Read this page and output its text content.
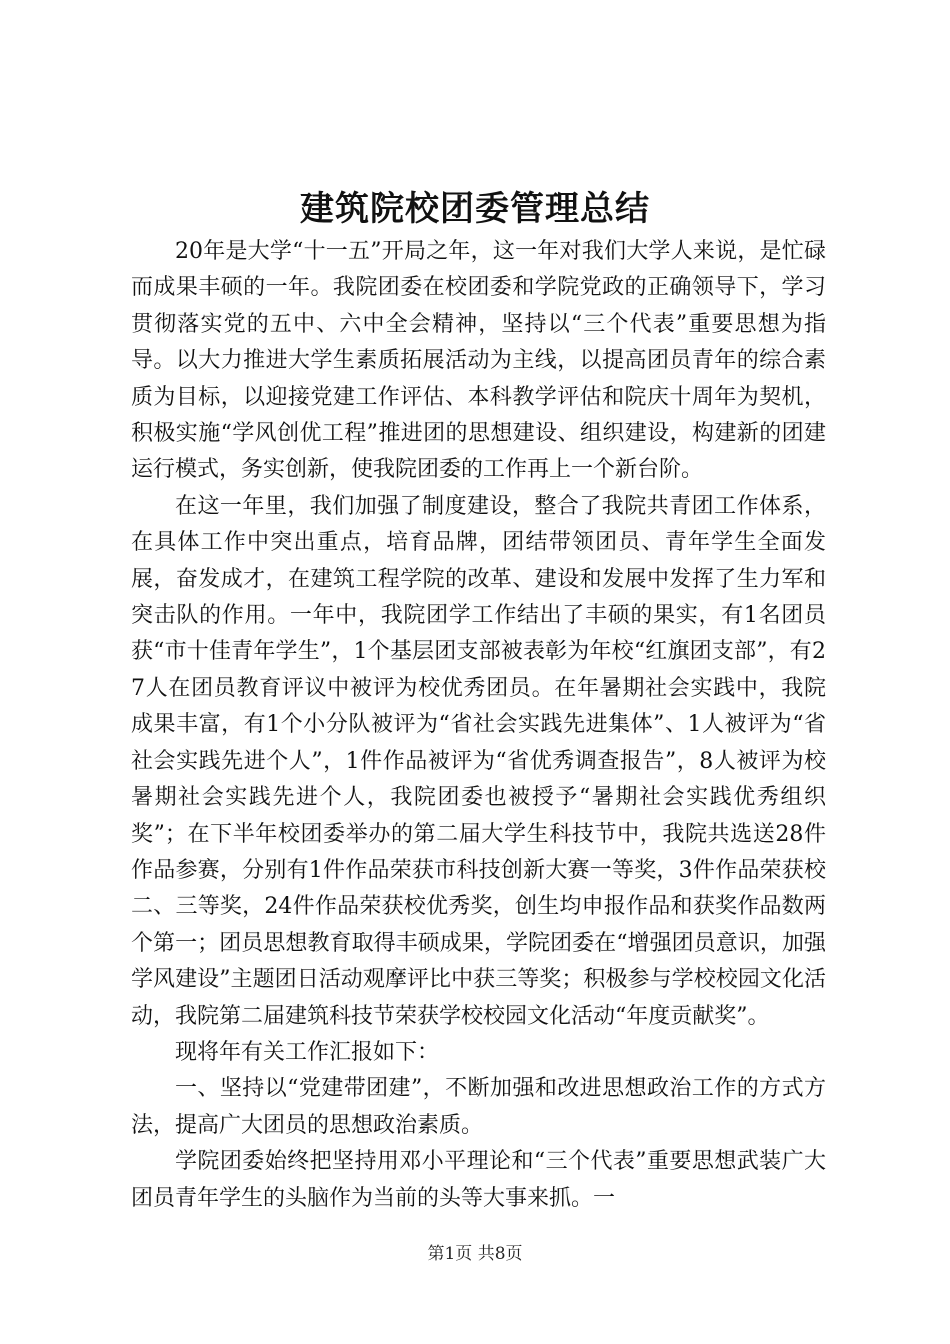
建筑院校团委管理总结

20年是大学“十一五”开局之年，这一年对我们大学人来说，是忙碌而成果丰硕的一年。我院团委在校团委和学院党政的正确领导下，学习贯彻落实党的五中、六中全会精神，坚持以“三个代表”重要思想为指导。以大力推进大学生素质拓展活动为主线，以提高团员青年的综合素质为目标，以迎接党建工作评估、本科教学评估和院庆十周年为契机，积极实施“学风创优工程”推进团的思想建设、组织建设，构建新的团建运行模式，务实创新，使我院团委的工作再上一个新台阶。

在这一年里，我们加强了制度建设，整合了我院共青团工作体系，在具体工作中突出重点，培育品牌，团结带领团员、青年学生全面发展，奋发成才，在建筑工程学院的改革、建设和发展中发挥了生力军和突击队的作用。一年中，我院团学工作结出了丰硕的果实，有1名团员获“市十佳青年学生”，1个基层团支部被表彰为年校“红旗团支部”，有27人在团员教育评议中被评为校优秀团员。在年暑期社会实践中，我院成果丰富，有1个小分队被评为“省社会实践先进集体”、1人被评为“省社会实践先进个人”，1件作品被评为“省优秀调查报告”，8人被评为校暑期社会实践先进个人，我院团委也被授予“暑期社会实践优秀组织奖”；在下半年校团委举办的第二届大学生科技节中，我院共选送28件作品参赛，分别有1件作品荣获市科技创新大赛一等奖，3件作品荣获校二、三等奖，24件作品荣获校优秀奖，创生均申报作品和获奖作品数两个第一；团员思想教育取得丰硕成果，学院团委在“增强团员意识，加强学风建设”主题团日活动观摩评比中获三等奖；积极参与学校校园文化活动，我院第二届建筑科技节荣获学校校园文化活动“年度贡献奖”。

现将年有关工作汇报如下：

一、坚持以“党建带团建”，不断加强和改进思想政治工作的方式方法，提高广大团员的思想政治素质。

学院团委始终把坚持用邓小平理论和“三个代表”重要思想武装广大团员青年学生的头脑作为当前的头等大事来抓。一

第1页 共8页
